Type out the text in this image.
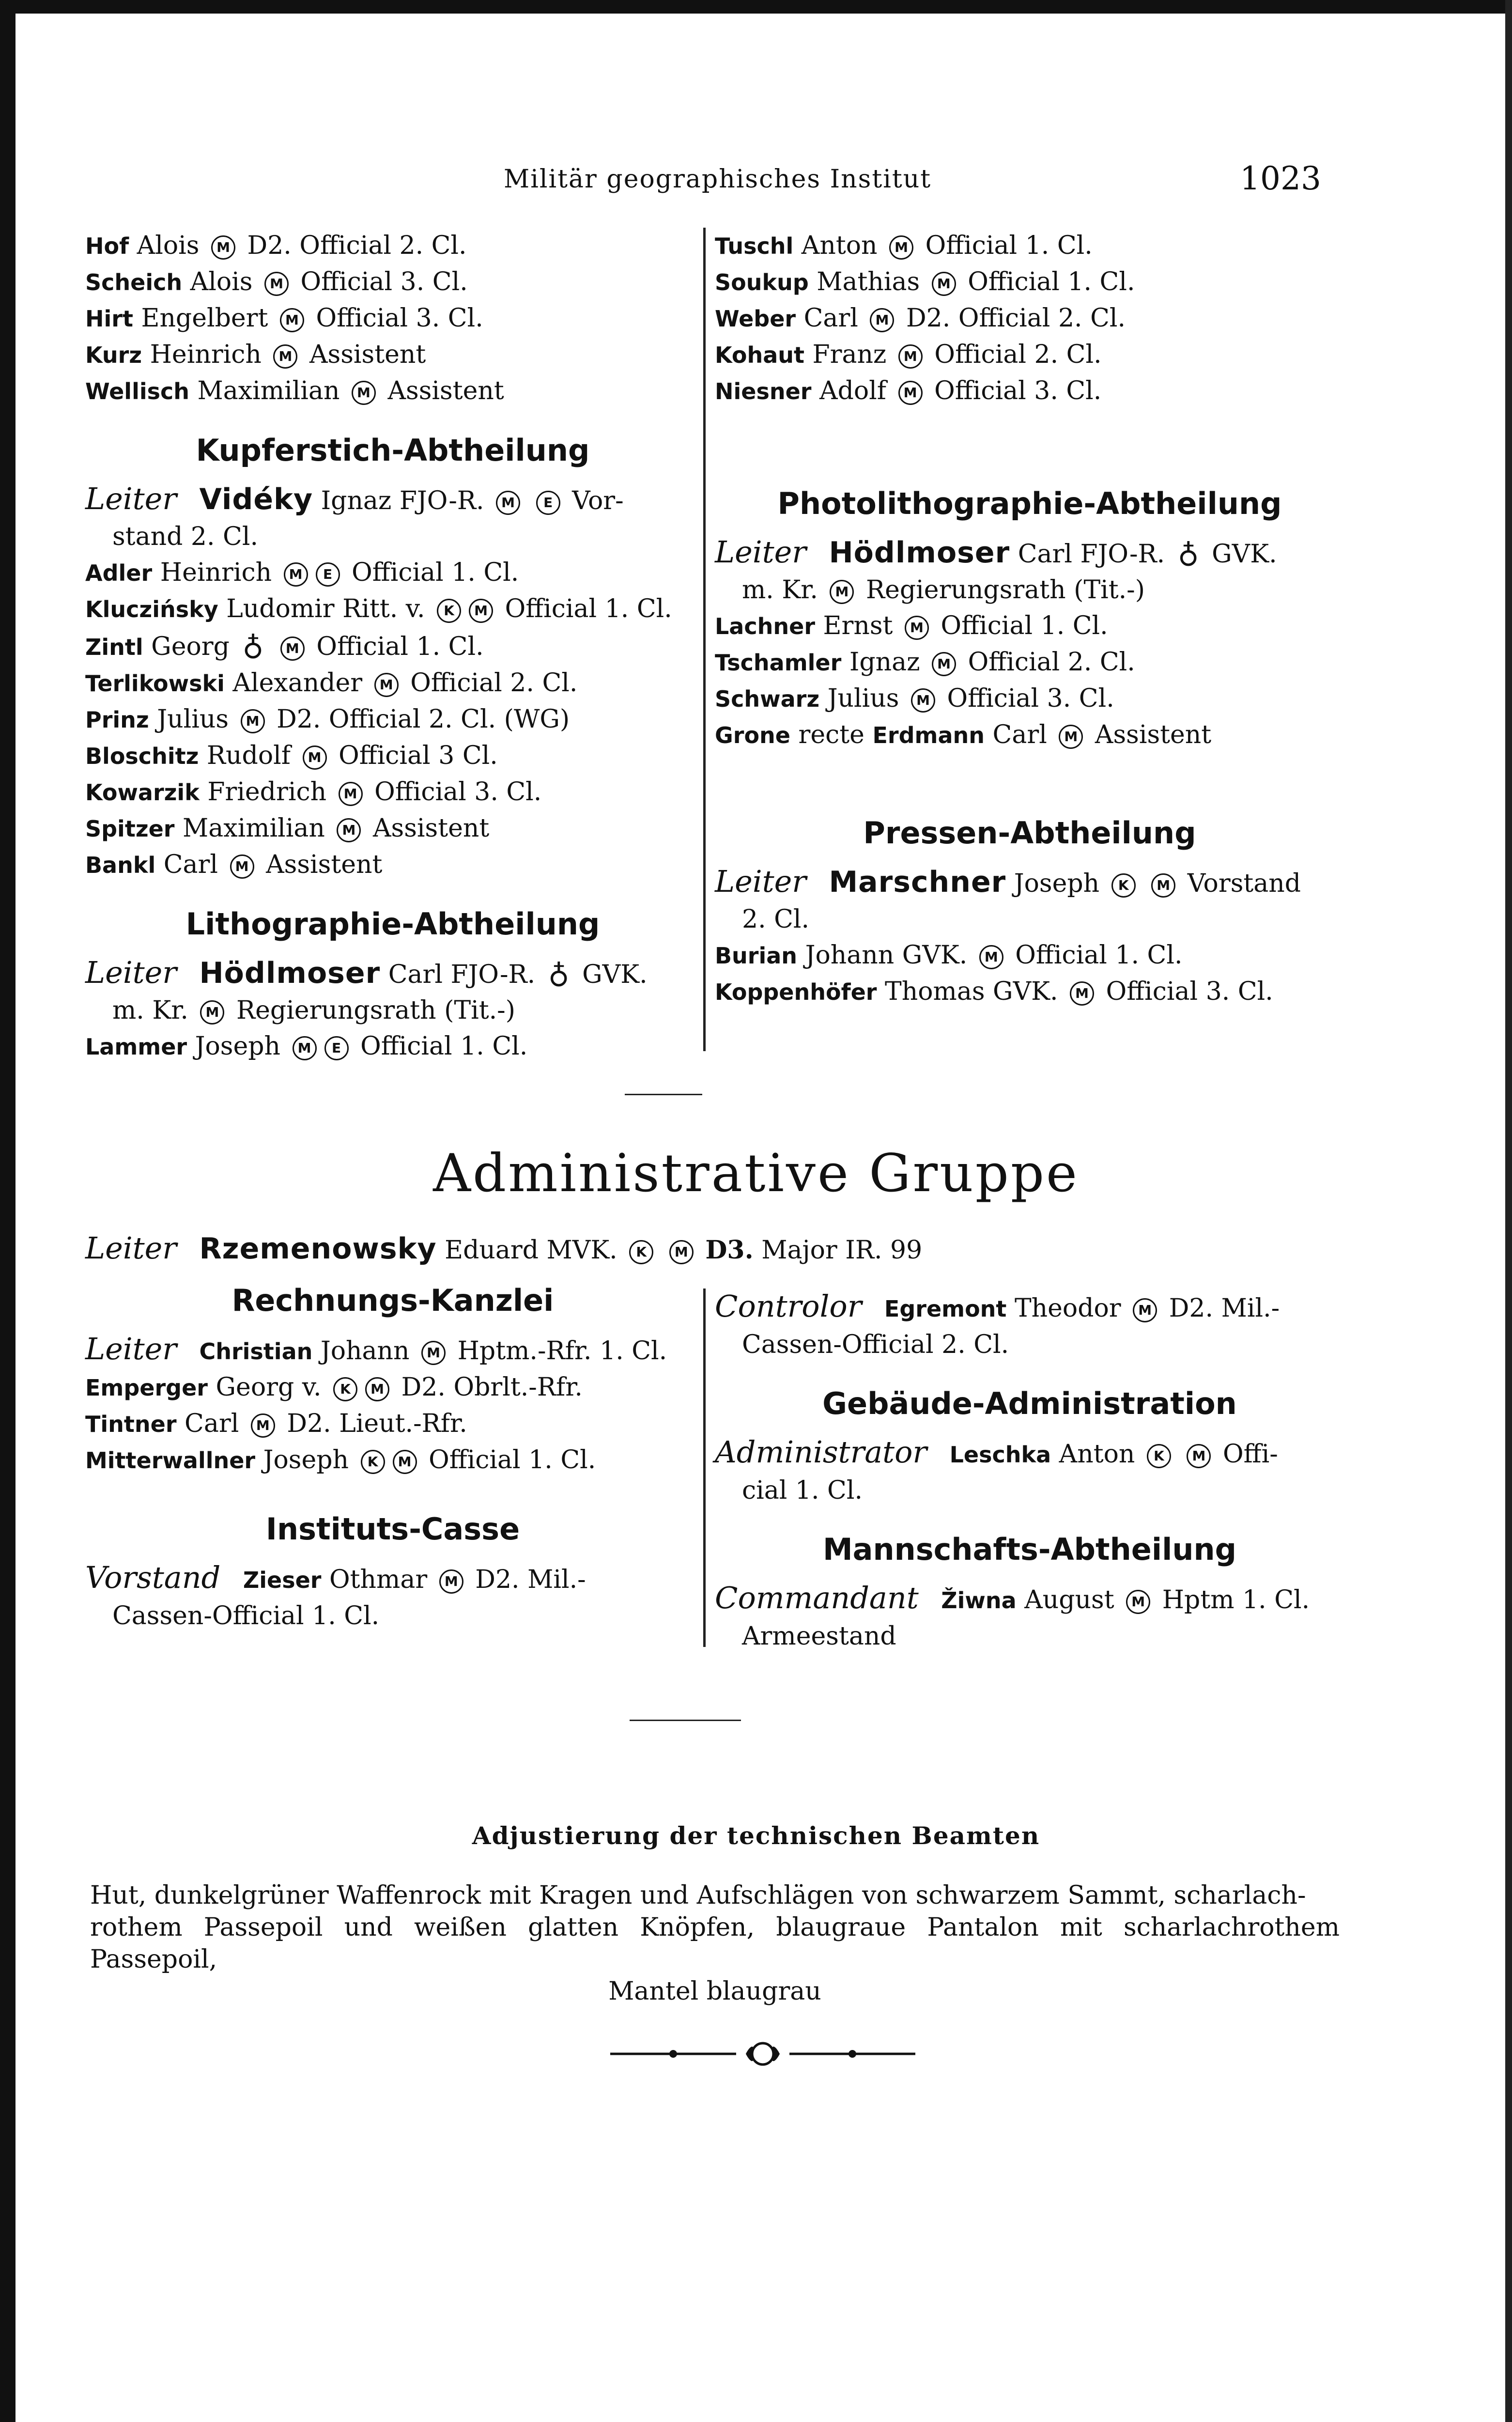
Militär geographisches Institut	1023
Hof Alois M D2. Official 2. Cl.
Scheich Alois M Official 3. Cl.
Hirt Engelbert M Official 3. Cl.
Kurz Heinrich M Assistent
Wellisch Maximilian M Assistent
Kupferstich-Abtheilung
Leiter Vidéky Ignaz FJO-R. M E Vor-
stand 2. Cl.
Adler Heinrich M E Official 1. Cl.
Kluczińsky Ludomir Ritt. v. K M Official 1. Cl.
Zintl Georg ♁ M Official 1. Cl.
Terlikowski Alexander M Official 2. Cl.
Prinz Julius M D2. Official 2. Cl. (WG)
Bloschitz Rudolf M Official 3 Cl.
Kowarzik Friedrich M Official 3. Cl.
Spitzer Maximilian M Assistent
Bankl Carl M Assistent
Lithographie-Abtheilung
Leiter Hödlmoser Carl FJO-R. ♁ GVK.
m. Kr. M Regierungsrath (Tit.-)
Lammer Joseph M E Official 1. Cl.
Tuschl Anton M Official 1. Cl.
Soukup Mathias M Official 1. Cl.
Weber Carl M D2. Official 2. Cl.
Kohaut Franz M Official 2. Cl.
Niesner Adolf M Official 3. Cl.
Photolithographie-Abtheilung
Leiter Hödlmoser Carl FJO-R. ♁ GVK.
m. Kr. M Regierungsrath (Tit.-)
Lachner Ernst M Official 1. Cl.
Tschamler Ignaz M Official 2. Cl.
Schwarz Julius M Official 3. Cl.
Grone recte Erdmann Carl M Assistent
Pressen-Abtheilung
Leiter Marschner Joseph K M Vorstand
2. Cl.
Burian Johann GVK. M Official 1. Cl.
Koppenhöfer Thomas GVK. M Official 3. Cl.
Administrative Gruppe
Leiter Rzemenowsky Eduard MVK. K M D3. Major IR. 99
Rechnungs-Kanzlei
Leiter Christian Johann M Hptm.-Rfr. 1. Cl.
Emperger Georg v. K M D2. Obrlt.-Rfr.
Tintner Carl M D2. Lieut.-Rfr.
Mitterwallner Joseph K M Official 1. Cl.
Instituts-Casse
Vorstand Zieser Othmar M D2. Mil.-
Cassen-Official 1. Cl.
Controlor Egremont Theodor M D2. Mil.-
Cassen-Official 2. Cl.
Gebäude-Administration
Administrator Leschka Anton K M Offi-
cial 1. Cl.
Mannschafts-Abtheilung
Commandant Žiwna August M Hptm 1. Cl.
Armeestand
Adjustierung der technischen Beamten
Hut, dunkelgrüner Waffenrock mit Kragen und Aufschlägen von schwarzem Sammt, scharlach-
rothem Passepoil und weißen glatten Knöpfen, blaugraue Pantalon mit scharlachrothem Passepoil,
Mantel blaugrau
